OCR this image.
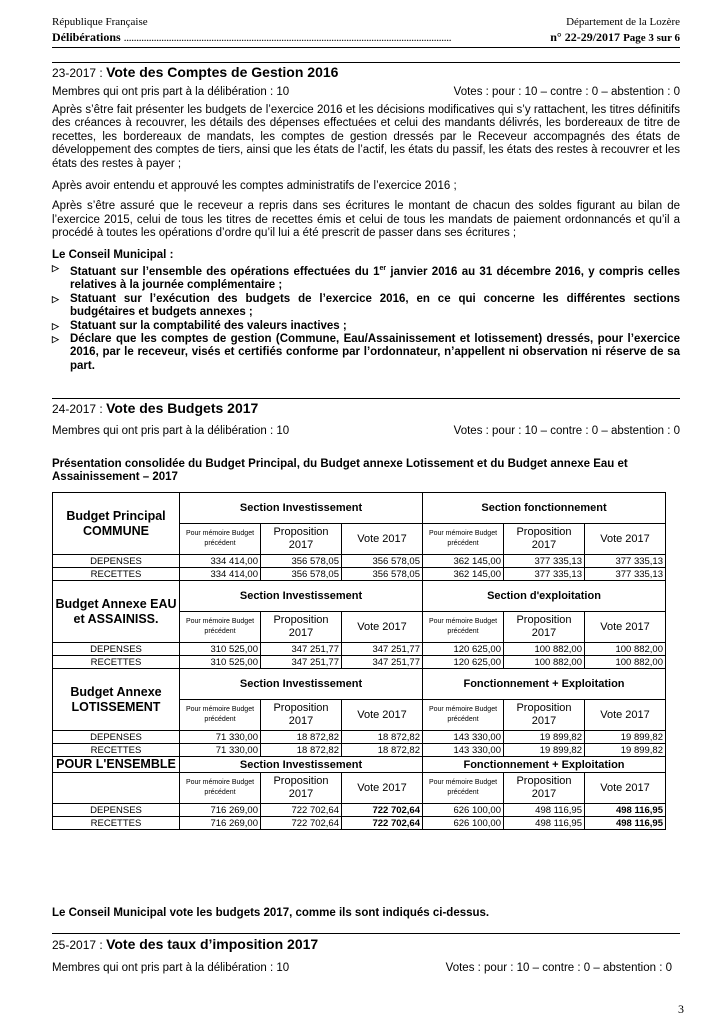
République Française	Département de la Lozère
Délibérations ...................................................................................................................................	n° 22-29/2017 Page 3 sur 6
23-2017 : Vote des Comptes de Gestion 2016
Membres qui ont pris part à la délibération : 10	Votes : pour : 10 – contre : 0 – abstention : 0

Après s’être fait présenter les budgets de l’exercice 2016 et les décisions modificatives qui s’y rattachent, les titres définitifs des créances à recouvrer, les détails des dépenses effectuées et celui des mandants délivrés, les bordereaux de titre de recettes, les bordereaux de mandats, les comptes de gestion dressés par le Receveur accompagnés des états de développement des comptes de tiers, ainsi que les états de l’actif, les états du passif, les états des restes à recouvrer et les états des restes à payer ;

Après avoir entendu et approuvé les comptes administratifs de l’exercice 2016 ;

Après s’être assuré que le receveur a repris dans ses écritures le montant de chacun des soldes figurant au bilan de l’exercice 2015, celui de tous les titres de recettes émis et celui de tous les mandats de paiement ordonnancés et qu’il a procédé à toutes les opérations d’ordre qu’il lui a été prescrit de passer dans ses écritures ;

Le Conseil Municipal :
▷ Statuant sur l’ensemble des opérations effectuées du 1er janvier 2016 au 31 décembre 2016, y compris celles relatives à la journée complémentaire ;
▷ Statuant sur l’exécution des budgets de l’exercice 2016, en ce qui concerne les différentes sections budgétaires et budgets annexes ;
▷ Statuant sur la comptabilité des valeurs inactives ;
▷ Déclare que les comptes de gestion (Commune, Eau/Assainissement et lotissement) dressés, pour l’exercice 2016, par le receveur, visés et certifiés conforme par l’ordonnateur, n’appellent ni observation ni réserve de sa part.
24-2017 : Vote des Budgets 2017
Membres qui ont pris part à la délibération : 10	Votes : pour : 10 – contre : 0 – abstention : 0
Présentation consolidée du Budget Principal, du Budget annexe Lotissement et du Budget annexe Eau et Assainissement – 2017
Budget Principal COMMUNE	Section Investissement			Section fonctionnement		
	Pour mémoire Budget précédent	Proposition 2017	Vote 2017	Pour mémoire Budget précédent	Proposition 2017	Vote 2017
DEPENSES	334 414,00	356 578,05	356 578,05	362 145,00	377 335,13	377 335,13
RECETTES	334 414,00	356 578,05	356 578,05	362 145,00	377 335,13	377 335,13
Budget Annexe EAU et ASSAINISS.	Section Investissement			Section d'exploitation		
	Pour mémoire Budget précédent	Proposition 2017	Vote 2017	Pour mémoire Budget précédent	Proposition 2017	Vote 2017
DEPENSES	310 525,00	347 251,77	347 251,77	120 625,00	100 882,00	100 882,00
RECETTES	310 525,00	347 251,77	347 251,77	120 625,00	100 882,00	100 882,00
Budget Annexe LOTISSEMENT	Section Investissement			Fonctionnement + Exploitation		
	Pour mémoire Budget précédent	Proposition 2017	Vote 2017	Pour mémoire Budget précédent	Proposition 2017	Vote 2017
DEPENSES	71 330,00	18 872,82	18 872,82	143 330,00	19 899,82	19 899,82
RECETTES	71 330,00	18 872,82	18 872,82	143 330,00	19 899,82	19 899,82
POUR L'ENSEMBLE	Section Investissement			Fonctionnement + Exploitation		
	Pour mémoire Budget précédent	Proposition 2017	Vote 2017	Pour mémoire Budget précédent	Proposition 2017	Vote 2017
DEPENSES	716 269,00	722 702,64	722 702,64	626 100,00	498 116,95	498 116,95
RECETTES	716 269,00	722 702,64	722 702,64	626 100,00	498 116,95	498 116,95
Le Conseil Municipal vote les budgets 2017, comme ils sont indiqués ci-dessus.
25-2017 : Vote des taux d’imposition 2017
Membres qui ont pris part à la délibération : 10	Votes : pour : 10 – contre : 0 – abstention : 0
3
